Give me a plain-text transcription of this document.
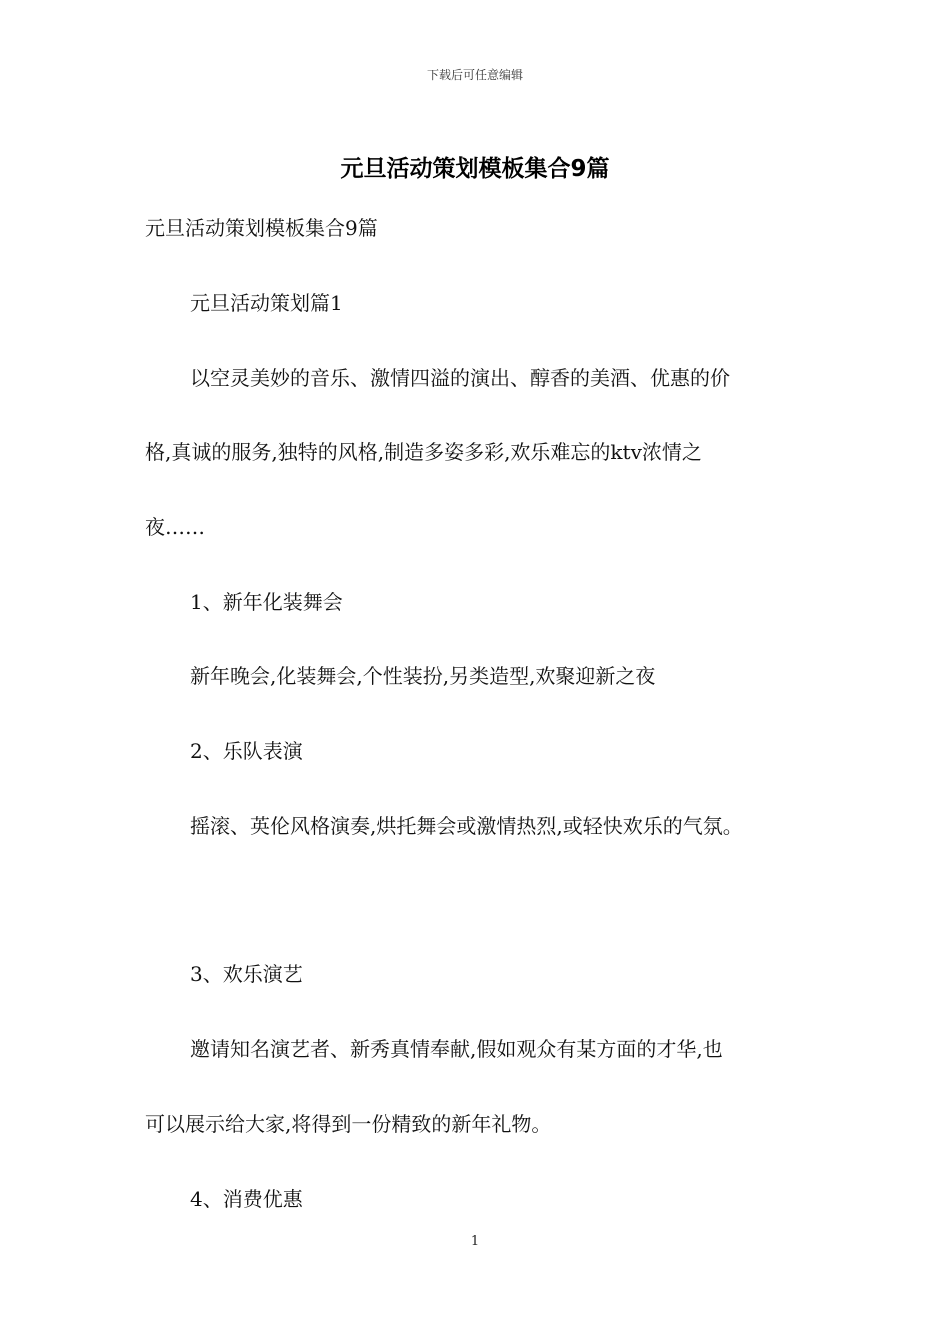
下载后可任意编辑
元旦活动策划模板集合9篇
元旦活动策划模板集合9篇
元旦活动策划篇1
以空灵美妙的音乐、激情四溢的演出、醇香的美酒、优惠的价
格,真诚的服务,独特的风格,制造多姿多彩,欢乐难忘的ktv浓情之
夜……
1、新年化装舞会
新年晚会,化装舞会,个性装扮,另类造型,欢聚迎新之夜
2、乐队表演
摇滚、英伦风格演奏,烘托舞会或激情热烈,或轻快欢乐的气氛。
3、欢乐演艺
邀请知名演艺者、新秀真情奉献,假如观众有某方面的才华,也
可以展示给大家,将得到一份精致的新年礼物。
4、消费优惠
1
